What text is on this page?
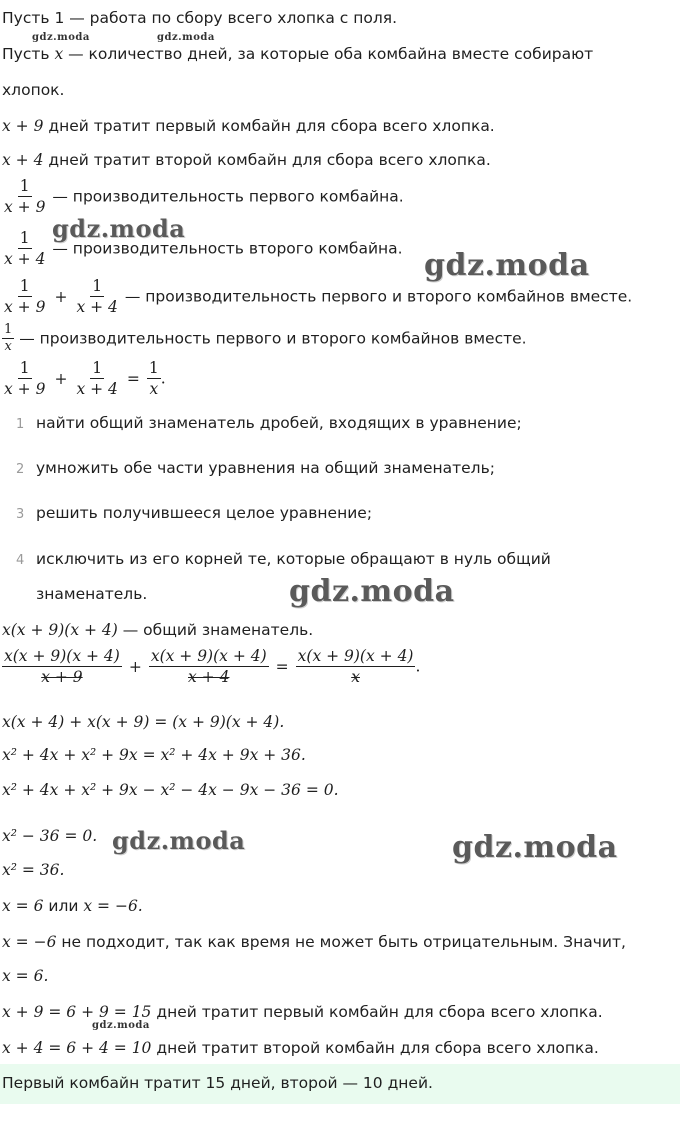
Пусть 1 — работа по сбору всего хлопка с поля.
Пусть x — количество дней, за которые оба комбайна вместе собирают
хлопок.
x + 9 дней тратит первый комбайн для сбора всего хлопка.
x + 4 дней тратит второй комбайн для сбора всего хлопка.
$\frac{1}{x + 9}$ — производительность первого комбайна.
$\frac{1}{x + 4}$ — производительность второго комбайна.
$\frac{1}{x + 9} + \frac{1}{x + 4}$ — производительность первого и второго комбайнов вместе.
$\frac{1}{x}$ — производительность первого и второго комбайнов вместе.
$\frac{1}{x + 9} + \frac{1}{x + 4} = \frac{1}{x}$ .
1 найти общий знаменатель дробей, входящих в уравнение;
2 умножить обе части уравнения на общий знаменатель;
3 решить получившееся целое уравнение;
4 исключить из его корней те, которые обращают в нуль общий
знаменатель.
x(x + 9)(x + 4) — общий знаменатель.
$\frac{x(x + 9)(x + 4)}{x + 9} + \frac{x(x + 9)(x + 4)}{x + 4} = \frac{x(x + 9)(x + 4)}{x}$ .
x(x + 4) + x(x + 9) = (x + 9)(x + 4).
x² + 4x + x² + 9x = x² + 4x + 9x + 36.
x² + 4x + x² + 9x − x² − 4x − 9x − 36 = 0.
x² − 36 = 0.
x² = 36.
x = 6 или x = −6.
x = −6 не подходит, так как время не может быть отрицательным. Значит,
x = 6.
x + 9 = 6 + 9 = 15 дней тратит первый комбайн для сбора всего хлопка.
x + 4 = 6 + 4 = 10 дней тратит второй комбайн для сбора всего хлопка.
Первый комбайн тратит 15 дней, второй — 10 дней.
gdz.moda	gdz.moda
gdz.moda
gdz.moda
gdz.moda
gdz.moda	gdz.moda
gdz.moda
